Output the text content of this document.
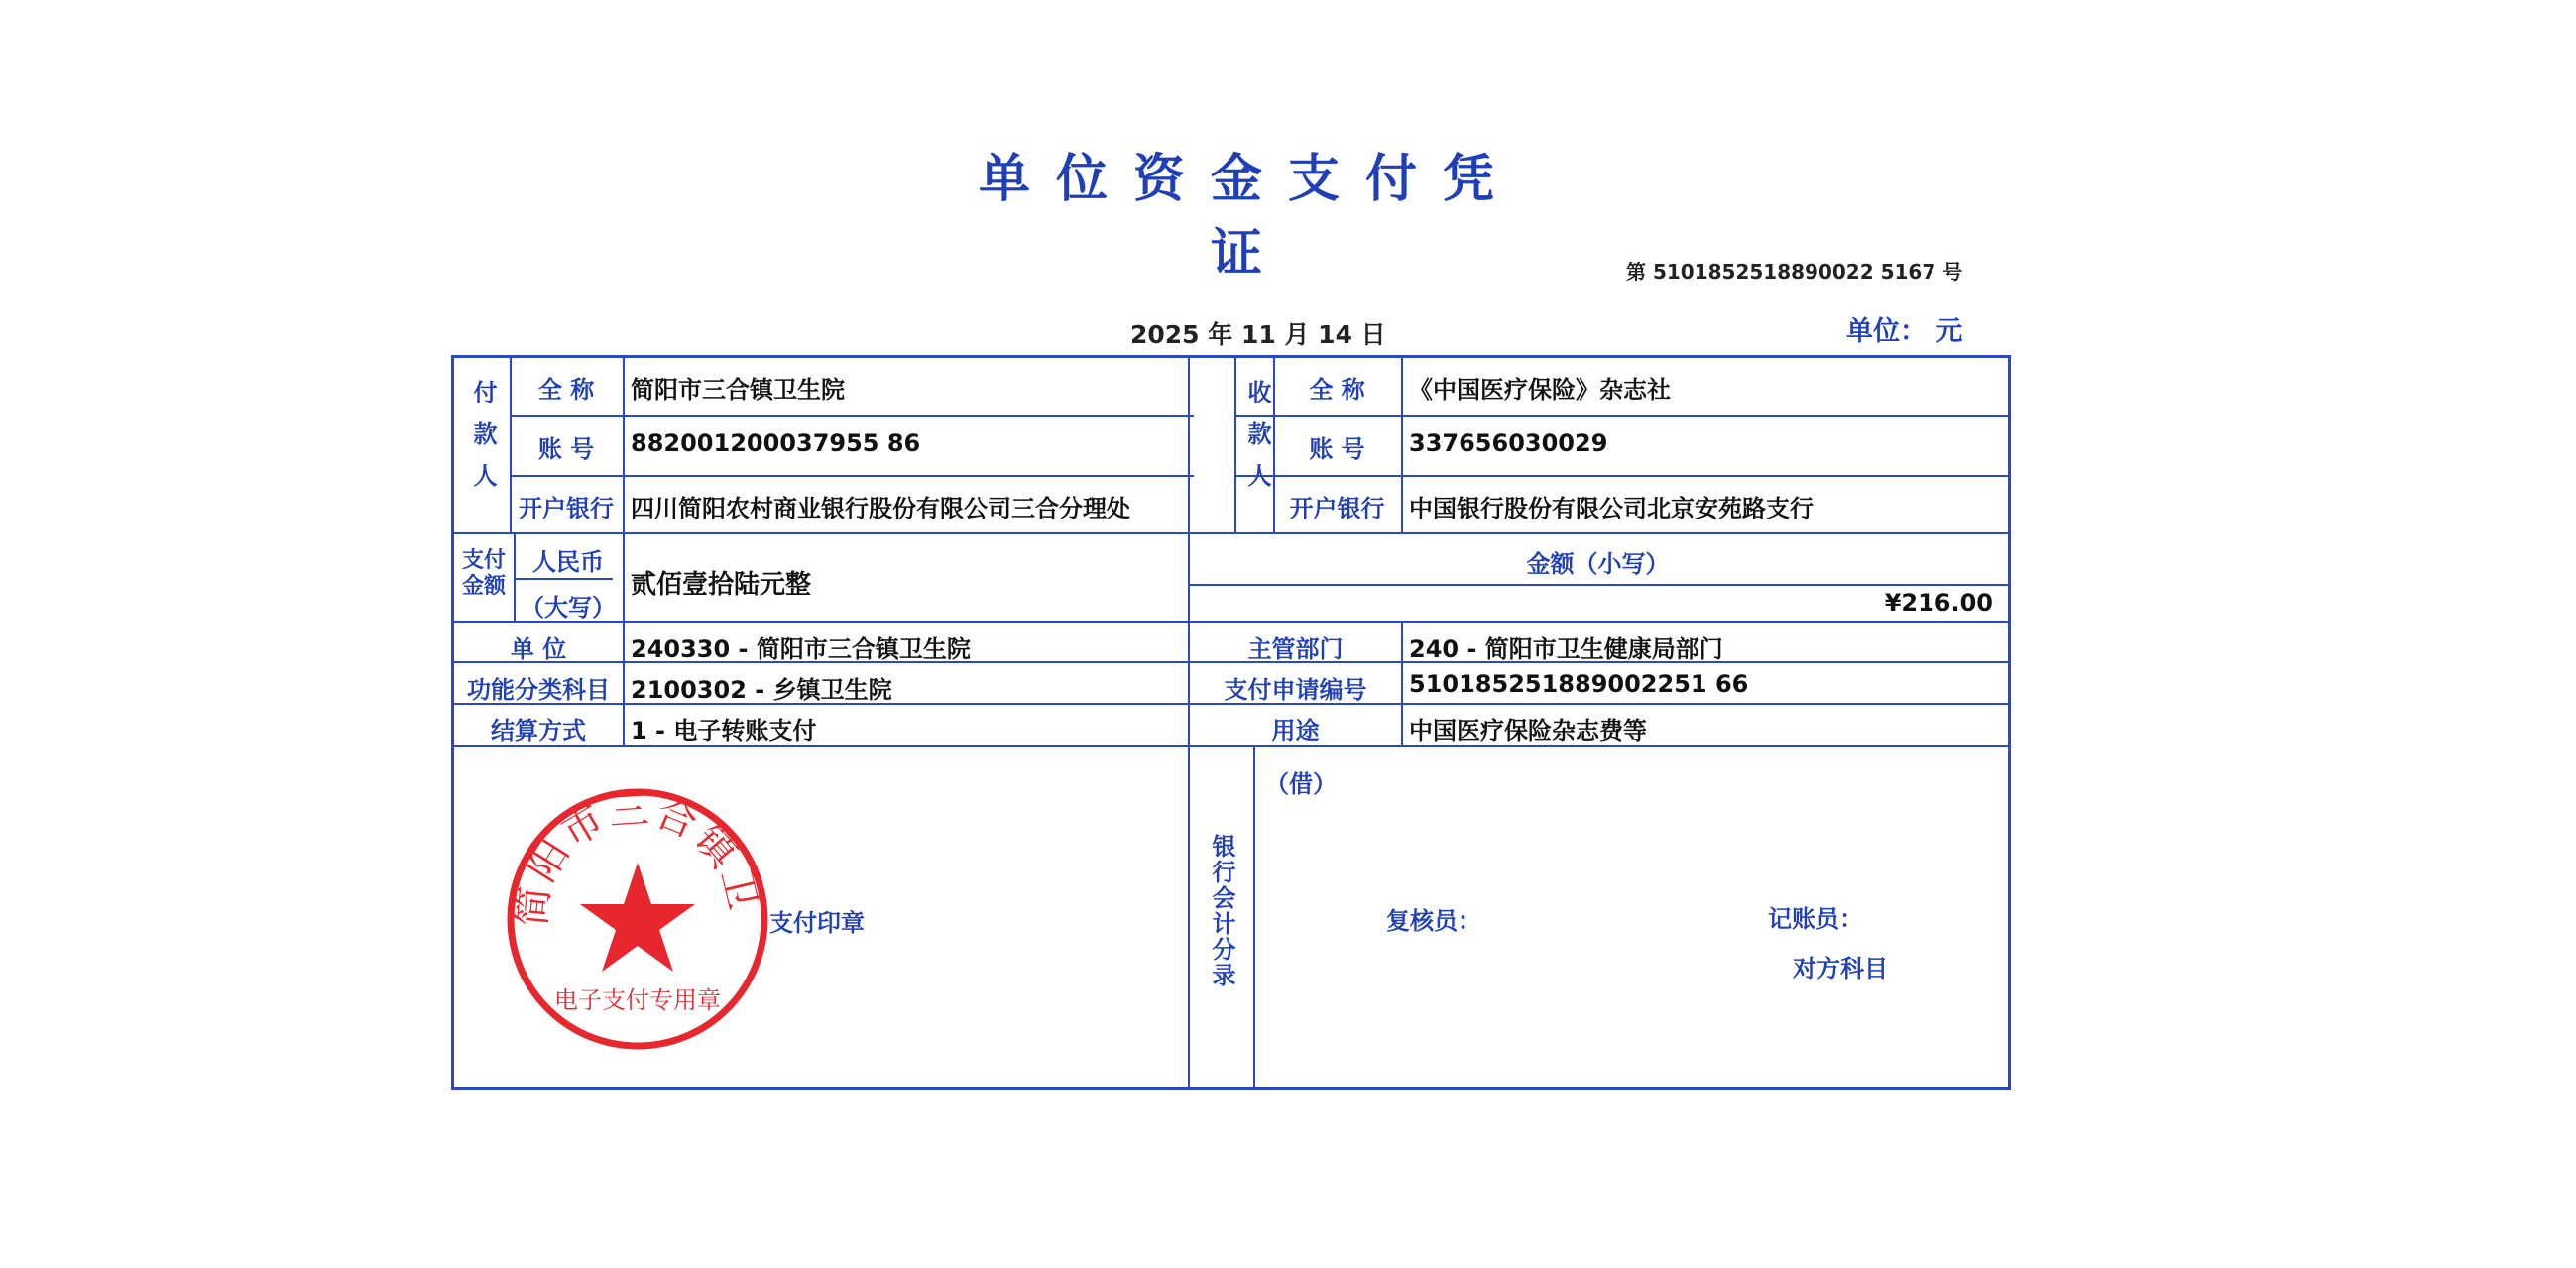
单位资金支付凭证	第 5101852518890022 5167 号
2025 年 11 月 14 日	单位： 元
付款人
全 称	简阳市三合镇卫生院
账 号	882001200037955 86
开户银行 四川简阳农村商业银行股份有限公司三合分理处
收款人
全 称	《中国医疗保险》杂志社
账 号	337656030029
开户银行	中国银行股份有限公司北京安苑路支行
支付金额
人民币
（大写）
贰佰壹拾陆元整
金额（小写）
¥216.00
单 位	240330 - 简阳市三合镇卫生院	主管部门	240 - 简阳市卫生健康局部门
功能分类科目 2100302 - 乡镇卫生院	支付申请编号	510185251889002251 66
结算方式	1 - 电子转账支付	用途	中国医疗保险杂志费等
支付印章	银行会计分录
（借）
复核员：	记账员：
对方科目
简阳市三合镇卫
电子支付专用章
